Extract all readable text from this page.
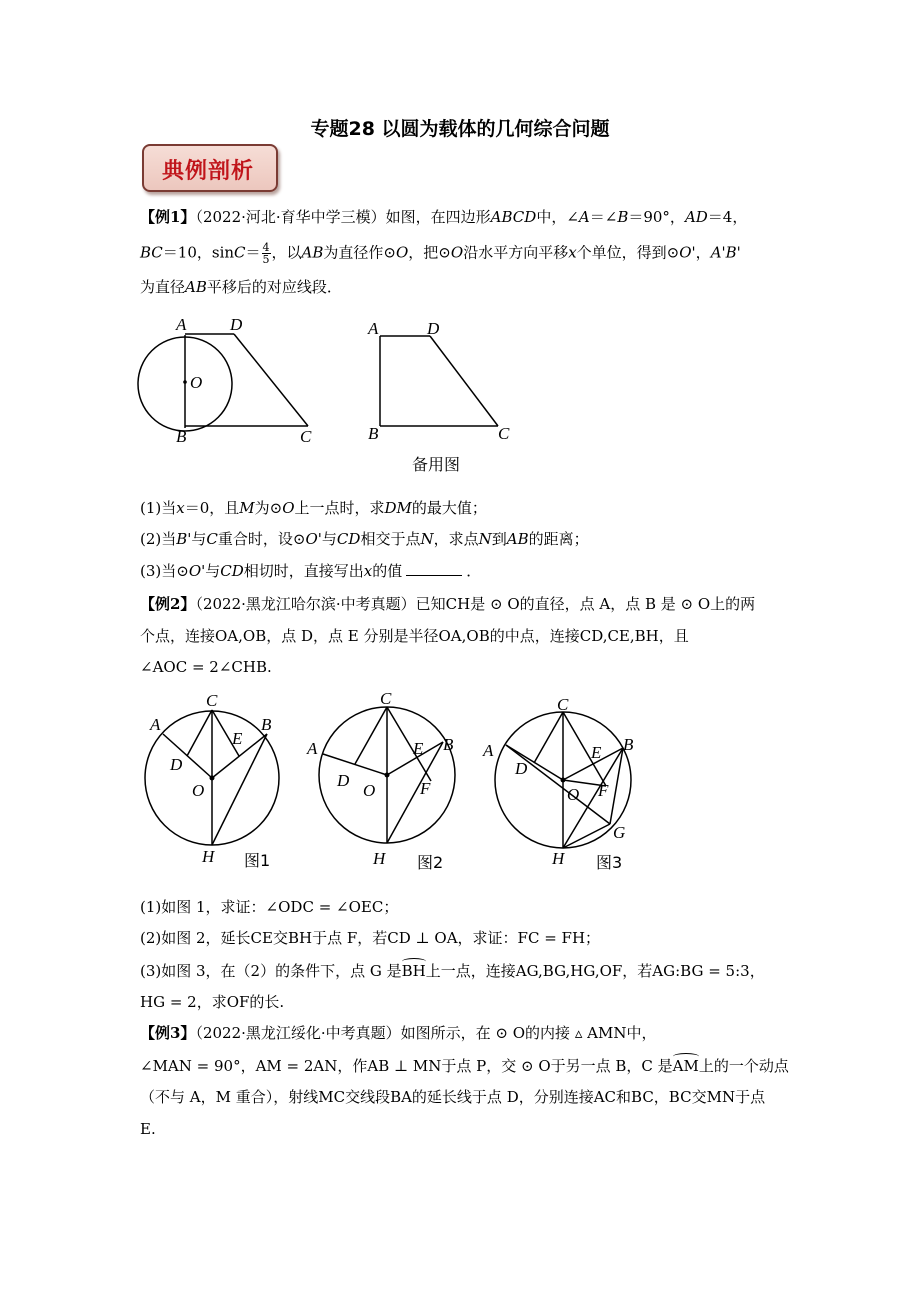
专题28 以圆为载体的几何综合问题
典例剖析
【例1】（2022·河北·育华中学三模）如图，在四边形ABCD中，∠A＝∠B＝90°，AD＝4，
BC＝10，$\sin C= \frac{4}{5}$ ，以AB为直径作⊙O，把⊙O沿水平方向平移x个单位，得到⊙O'，A'B'
为直径AB平移后的对应线段．
A	D
O
B	C
A	D
B	C
备用图
(1)当x＝0，且M为⊙O上一点时，求DM的最大值；
(2)当B'与C重合时，设⊙O'与CD相交于点N，求点N到AB的距离；
(3)当⊙O'与CD相切时，直接写出x的值	．
【例2】（2022·黑龙江哈尔滨·中考真题）已知CH是 ⊙ O的直径，点 A，点 B 是 ⊙ O上的两
个点，连接OA,OB，点 D，点 E 分别是半径OA,OB的中点，连接CD,CE,BH，且
∠AOC = 2∠CHB.
A
C
B
D
E
O
H 图1
A
C
B
D
E
F
O
H 图2
A
C
B
D
E
F
O
G
H 图3
(1)如图 1，求证：∠ODC = ∠OEC；
(2)如图 2，延长CE交BH于点 F，若CD ⊥ OA，求证：FC = FH；
(3)如图 3，在（2）的条件下，点 G 是BH上一点，连接AG,BG,HG,OF，若AG:BG = 5:3，
HG = 2，求OF的长.
【例3】（2022·黑龙江绥化·中考真题）如图所示，在 ⊙ O的内接 ▵ AMN中，
∠MAN = 90°，AM = 2AN，作AB ⊥ MN于点 P，交 ⊙ O于另一点 B，C 是AM上的一个动点
（不与 A，M 重合），射线MC交线段BA的延长线于点 D，分别连接AC和BC，BC交MN于点
E.
